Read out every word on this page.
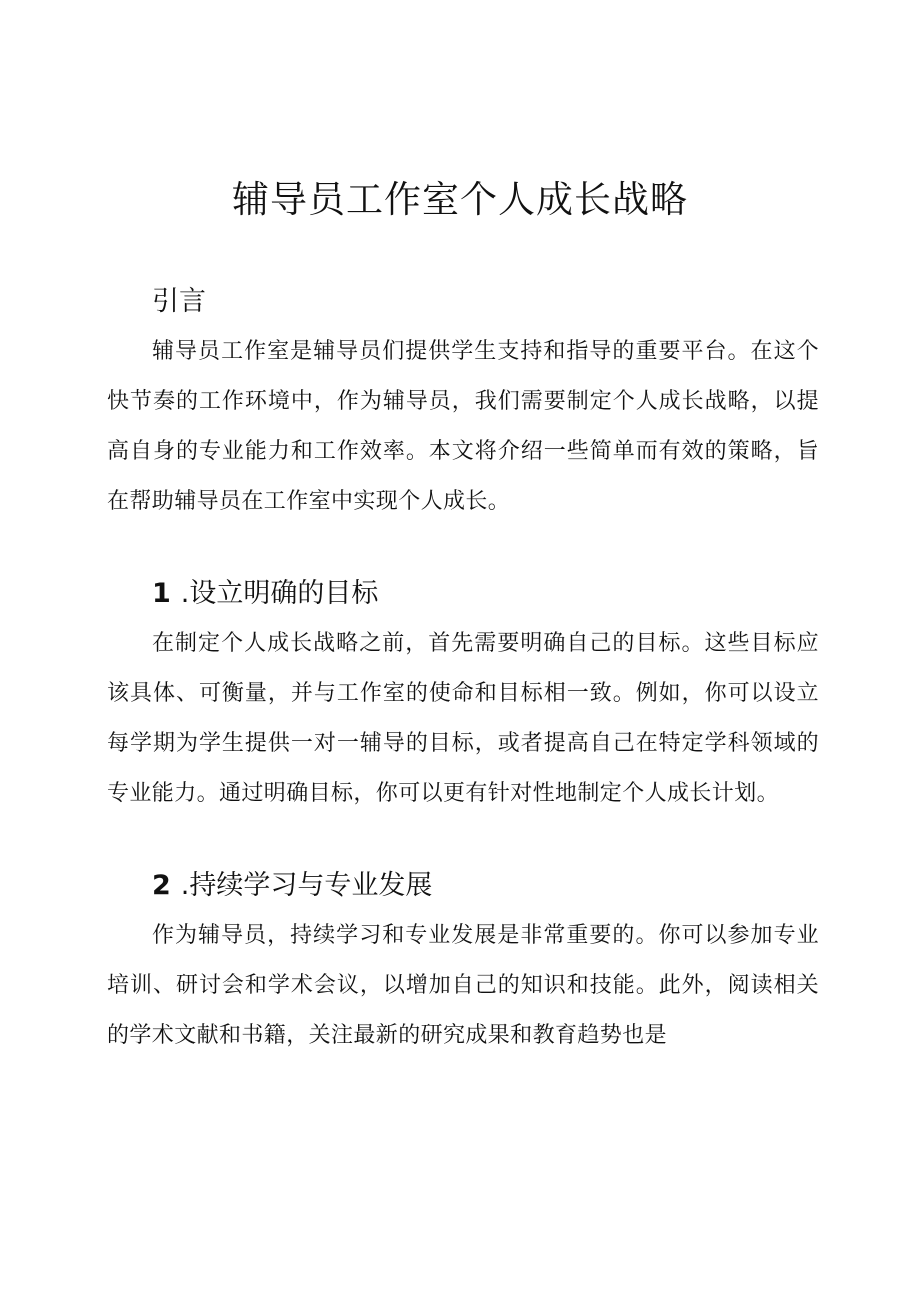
辅导员工作室个人成长战略
引言

辅导员工作室是辅导员们提供学生支持和指导的重要平台。在这个快节奏的工作环境中，作为辅导员，我们需要制定个人成长战略，以提高自身的专业能力和工作效率。本文将介绍一些简单而有效的策略，旨在帮助辅导员在工作室中实现个人成长。

1 .设立明确的目标

在制定个人成长战略之前，首先需要明确自己的目标。这些目标应该具体、可衡量，并与工作室的使命和目标相一致。例如，你可以设立每学期为学生提供一对一辅导的目标，或者提高自己在特定学科领域的专业能力。通过明确目标，你可以更有针对性地制定个人成长计划。

2 .持续学习与专业发展

作为辅导员，持续学习和专业发展是非常重要的。你可以参加专业培训、研讨会和学术会议，以增加自己的知识和技能。此外，阅读相关的学术文献和书籍，关注最新的研究成果和教育趋势也是
